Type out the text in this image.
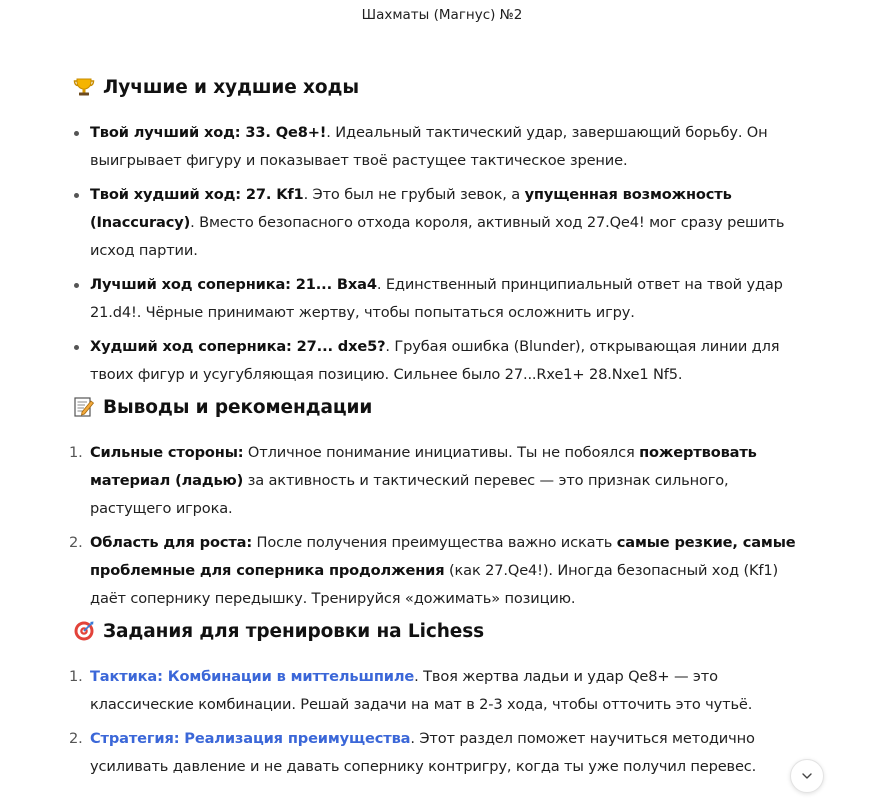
Шахматы (Магнус) №2
Лучшие и худшие ходы
Твой лучший ход: 33. Qe8+!. Идеальный тактический удар, завершающий борьбу. Он выигрывает фигуру и показывает твоё растущее тактическое зрение.
Твой худший ход: 27. Kf1. Это был не грубый зевок, а упущенная возможность (Inaccuracy). Вместо безопасного отхода короля, активный ход 27.Qe4! мог сразу решить исход партии.
Лучший ход соперника: 21... Bxa4. Единственный принципиальный ответ на твой удар 21.d4!. Чёрные принимают жертву, чтобы попытаться осложнить игру.
Худший ход соперника: 27... dxe5?. Грубая ошибка (Blunder), открывающая линии для твоих фигур и усугубляющая позицию. Сильнее было 27...Rxe1+ 28.Nxe1 Nf5.
Выводы и рекомендации
1. Сильные стороны: Отличное понимание инициативы. Ты не побоялся пожертвовать материал (ладью) за активность и тактический перевес — это признак сильного, растущего игрока.
2. Область для роста: После получения преимущества важно искать самые резкие, самые проблемные для соперника продолжения (как 27.Qe4!). Иногда безопасный ход (Kf1) даёт сопернику передышку. Тренируйся «дожимать» позицию.
Задания для тренировки на Lichess
1. Тактика: Комбинации в миттельшпиле. Твоя жертва ладьи и удар Qe8+ — это классические комбинации. Решай задачи на мат в 2-3 хода, чтобы отточить это чутьё.
2. Стратегия: Реализация преимущества. Этот раздел поможет научиться методично усиливать давление и не давать сопернику контригру, когда ты уже получил перевес.
